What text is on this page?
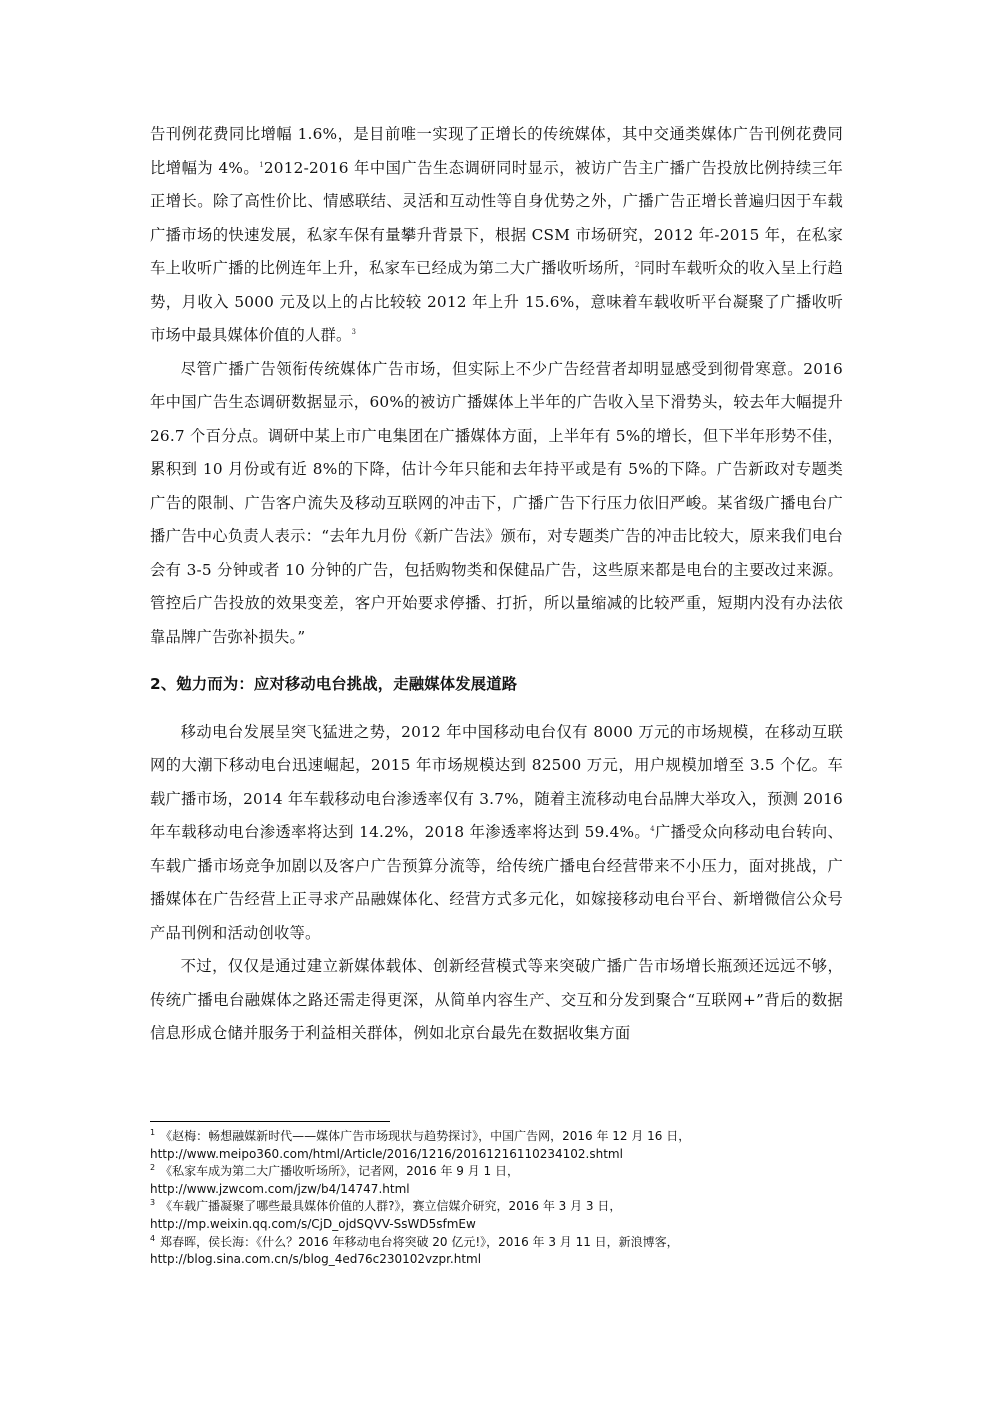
告刊例花费同比增幅 1.6%，是目前唯一实现了正增长的传统媒体，其中交通类媒体广告刊例花费同比增幅为 4%。$^1$2012-2016 年中国广告生态调研同时显示，被访广告主广播广告投放比例持续三年正增长。除了高性价比、情感联结、灵活和互动性等自身优势之外，广播广告正增长普遍归因于车载广播市场的快速发展，私家车保有量攀升背景下，根据 CSM 市场研究，2012 年-2015 年，在私家车上收听广播的比例连年上升，私家车已经成为第二大广播收听场所，$^2$同时车载听众的收入呈上行趋势，月收入 5000 元及以上的占比较较 2012 年上升 15.6%，意味着车载收听平台凝聚了广播收听市场中最具媒体价值的人群。$^3$

尽管广播广告领衔传统媒体广告市场，但实际上不少广告经营者却明显感受到彻骨寒意。2016 年中国广告生态调研数据显示，60%的被访广播媒体上半年的广告收入呈下滑势头，较去年大幅提升 26.7 个百分点。调研中某上市广电集团在广播媒体方面，上半年有 5%的增长，但下半年形势不佳，累积到 10 月份或有近 8%的下降，估计今年只能和去年持平或是有 5%的下降。广告新政对专题类广告的限制、广告客户流失及移动互联网的冲击下，广播广告下行压力依旧严峻。某省级广播电台广播广告中心负责人表示：“去年九月份《新广告法》颁布，对专题类广告的冲击比较大，原来我们电台会有 3-5 分钟或者 10 分钟的广告，包括购物类和保健品广告，这些原来都是电台的主要改过来源。管控后广告投放的效果变差，客户开始要求停播、打折，所以量缩减的比较严重，短期内没有办法依靠品牌广告弥补损失。”

2、勉力而为：应对移动电台挑战，走融媒体发展道路

移动电台发展呈突飞猛进之势，2012 年中国移动电台仅有 8000 万元的市场规模，在移动互联网的大潮下移动电台迅速崛起，2015 年市场规模达到 82500 万元，用户规模加增至 3.5 个亿。车载广播市场，2014 年车载移动电台渗透率仅有 3.7%，随着主流移动电台品牌大举攻入，预测 2016 年车载移动电台渗透率将达到 14.2%，2018 年渗透率将达到 59.4%。$^4$广播受众向移动电台转向、车载广播市场竞争加剧以及客户广告预算分流等，给传统广播电台经营带来不小压力，面对挑战，广播媒体在广告经营上正寻求产品融媒体化、经营方式多元化，如嫁接移动电台平台、新增微信公众号产品刊例和活动创收等。

不过，仅仅是通过建立新媒体载体、创新经营模式等来突破广播广告市场增长瓶颈还远远不够，传统广播电台融媒体之路还需走得更深，从简单内容生产、交互和分发到聚合“互联网+”背后的数据信息形成仓储并服务于利益相关群体，例如北京台最先在数据收集方面

$^1$ 《赵梅：畅想融媒新时代——媒体广告市场现状与趋势探讨》，中国广告网，2016 年 12 月 16 日，
http://www.meipo360.com/html/Article/2016/1216/20161216110234102.shtml
$^2$ 《私家车成为第二大广播收听场所》，记者网，2016 年 9 月 1 日，
http://www.jzwcom.com/jzw/b4/14747.html
$^3$ 《车载广播凝聚了哪些最具媒体价值的人群?》，赛立信媒介研究，2016 年 3 月 3 日，
http://mp.weixin.qq.com/s/CjD_ojdSQVV-SsWD5sfmEw
$^4$ 郑春晖，侯长海：《什么？2016 年移动电台将突破 20 亿元!》，2016 年 3 月 11 日，新浪博客，
http://blog.sina.com.cn/s/blog_4ed76c230102vzpr.html
